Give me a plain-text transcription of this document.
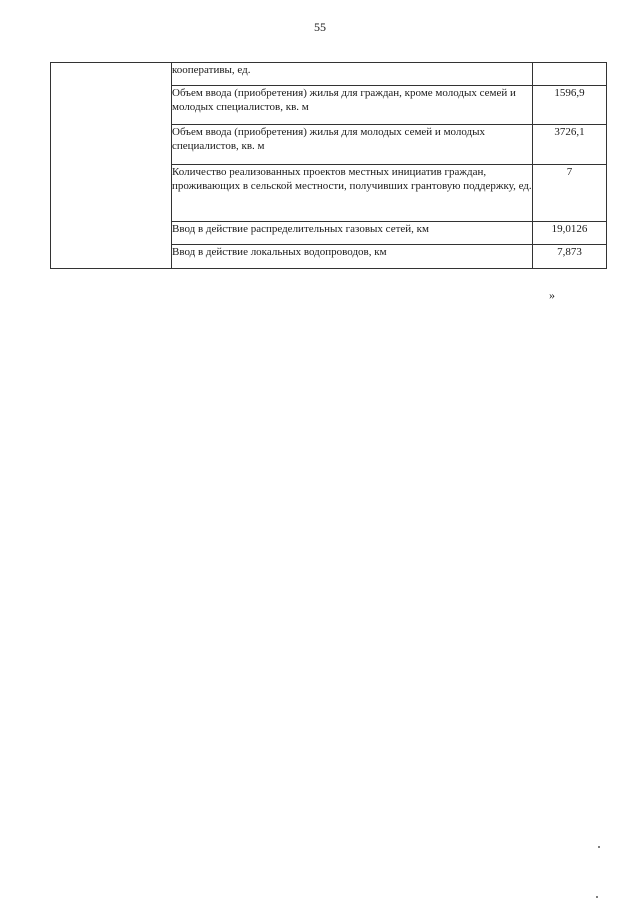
55
	кооперативы, ед.	
	Объем ввода (приобретения) жилья для граждан, кроме молодых семей и молодых специалистов, кв. м	1596,9
	Объем ввода (приобретения) жилья для молодых семей и молодых специалистов, кв. м	3726,1
	Количество реализованных проектов местных инициатив граждан, проживающих в сельской местности, получивших грантовую поддержку, ед.	7
	Ввод в действие распределительных газовых сетей, км	19,0126
	Ввод в действие локальных водопроводов, км	7,873
»
